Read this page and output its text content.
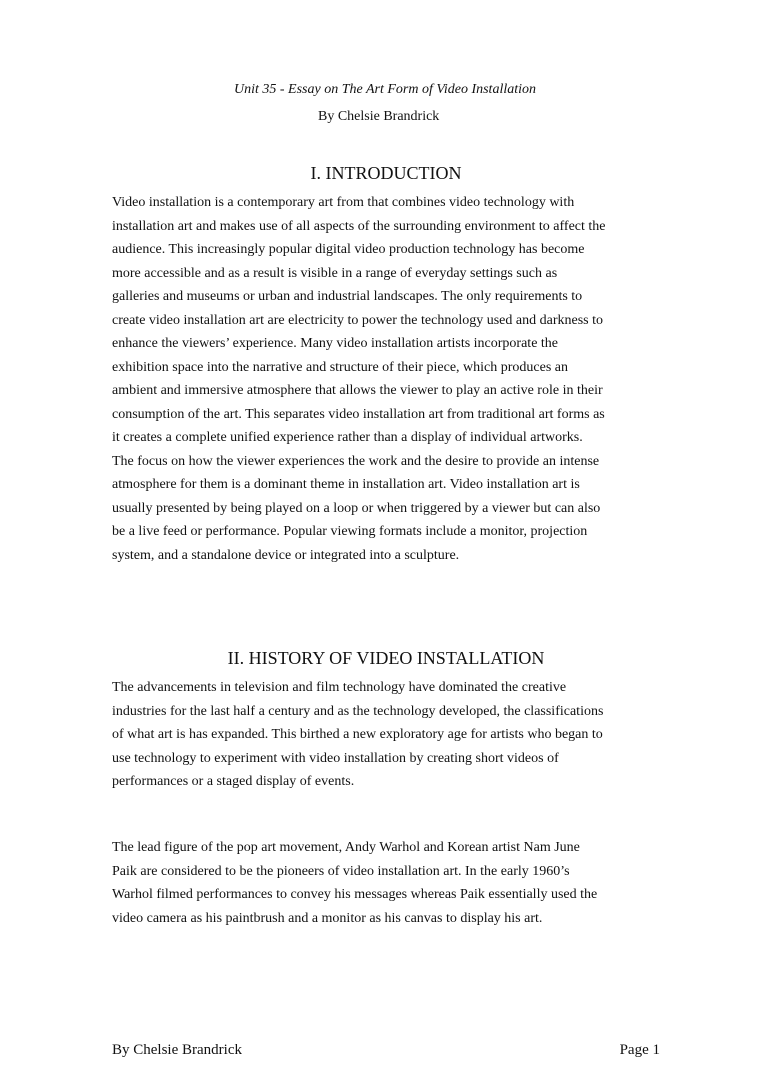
Unit 35 - Essay on The Art Form of Video Installation
By Chelsie Brandrick
I. INTRODUCTION
Video installation is a contemporary art from that combines video technology with
installation art and makes use of all aspects of the surrounding environment to affect the
audience. This increasingly popular digital video production technology has become
more accessible and as a result is visible in a range of everyday settings such as
galleries and museums or urban and industrial landscapes. The only requirements to
create video installation art are electricity to power the technology used and darkness to
enhance the viewers’ experience. Many video installation artists incorporate the
exhibition space into the narrative and structure of their piece, which produces an
ambient and immersive atmosphere that allows the viewer to play an active role in their
consumption of the art. This separates video installation art from traditional art forms as
it creates a complete unified experience rather than a display of individual artworks.
The focus on how the viewer experiences the work and the desire to provide an intense
atmosphere for them is a dominant theme in installation art. Video installation art is
usually presented by being played on a loop or when triggered by a viewer but can also
be a live feed or performance. Popular viewing formats include a monitor, projection
system, and a standalone device or integrated into a sculpture.
II. HISTORY OF VIDEO INSTALLATION
The advancements in television and film technology have dominated the creative
industries for the last half a century and as the technology developed, the classifications
of what art is has expanded. This birthed a new exploratory age for artists who began to
use technology to experiment with video installation by creating short videos of
performances or a staged display of events.
The lead figure of the pop art movement, Andy Warhol and Korean artist Nam June
Paik are considered to be the pioneers of video installation art. In the early 1960’s
Warhol filmed performances to convey his messages whereas Paik essentially used the
video camera as his paintbrush and a monitor as his canvas to display his art.
By Chelsie Brandrick	Page 1
